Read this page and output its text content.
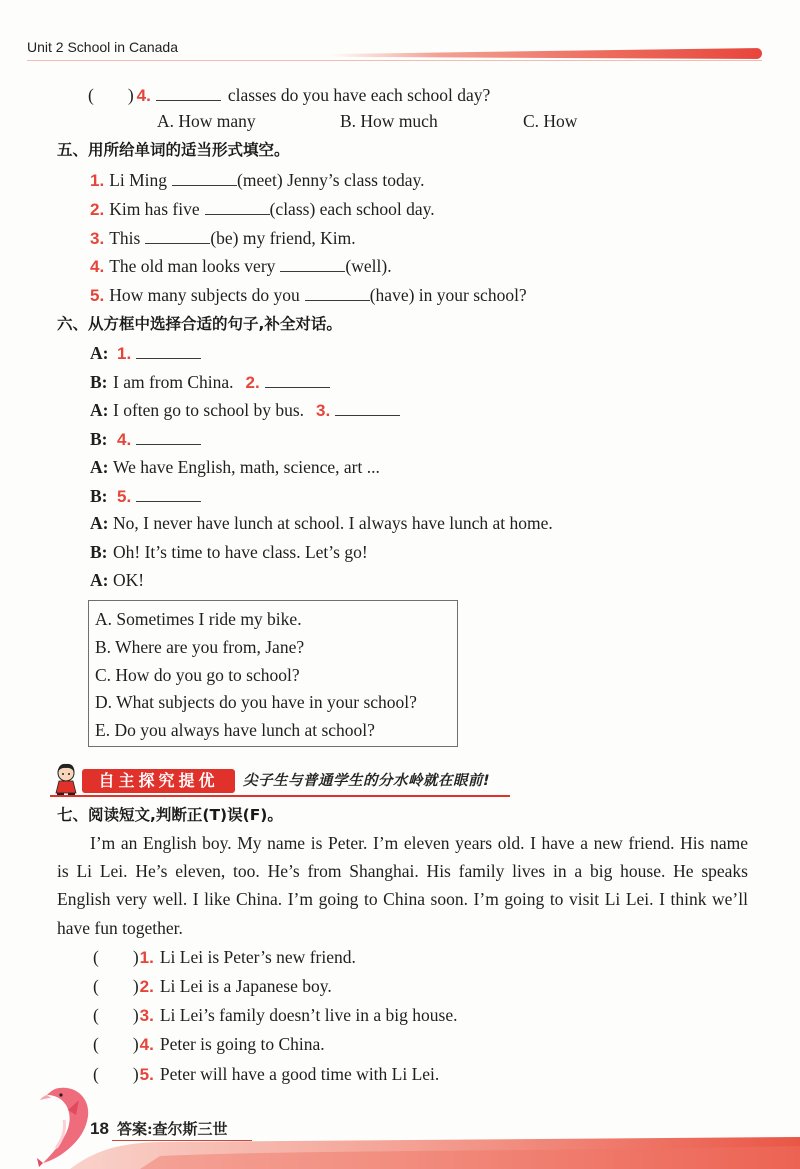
Unit 2 School in Canada
( ) 4.	classes do you have each school day?
A. How many	B. How much	C. How
五、用所给单词的适当形式填空。
1. Li Ming	(meet) Jenny’s class today.
2. Kim has five	(class) each school day.
3. This	(be) my friend, Kim.
4. The old man looks very	(well).
5. How many subjects do you	(have) in your school?
六、从方框中选择合适的句子,补全对话。
A: 1.
B: I am from China. 2.
A: I often go to school by bus. 3.
B: 4.
A: We have English, math, science, art ...
B: 5.
A: No, I never have lunch at school. I always have lunch at home.
B: Oh! It’s time to have class. Let’s go!
A: OK!
A. Sometimes I ride my bike.
B. Where are you from, Jane?
C. How do you go to school?
D. What subjects do you have in your school?
E. Do you always have lunch at school?
自主探究提优	尖子生与普通学生的分水岭就在眼前!
七、阅读短文,判断正(T)误(F)。
I’m an English boy. My name is Peter. I’m eleven years old. I have a new friend. His name
is Li Lei. He’s eleven, too. He’s from Shanghai. His family lives in a big house. He speaks
English very well. I like China. I’m going to China soon. I’m going to visit Li Lei. I think we’ll
have fun together.
( ) 1. Li Lei is Peter’s new friend.
( ) 2. Li Lei is a Japanese boy.
( ) 3. Li Lei’s family doesn’t live in a big house.
( ) 4. Peter is going to China.
( ) 5. Peter will have a good time with Li Lei.
18 答案:查尔斯三世
